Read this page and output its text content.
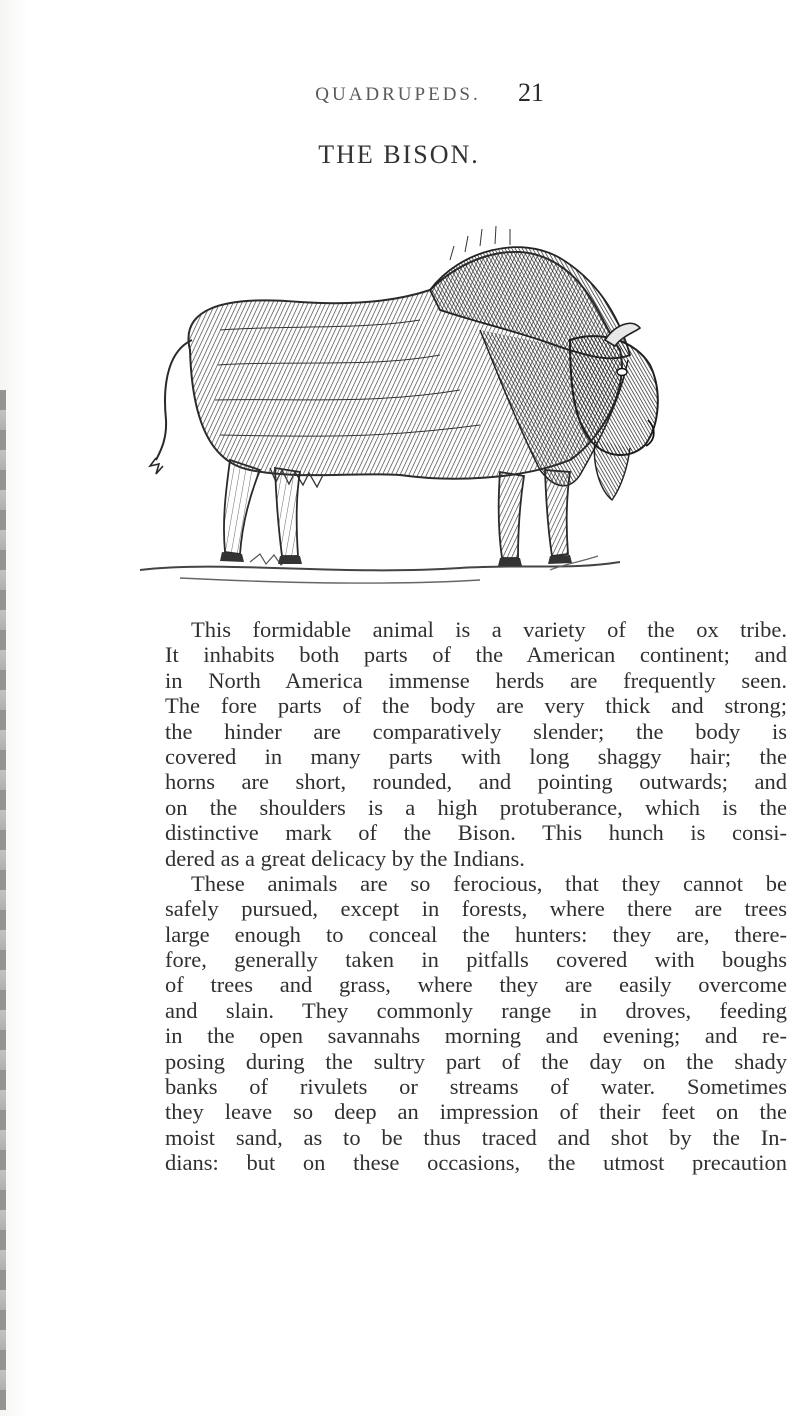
QUADRUPEDS.	21
THE BISON.
This formidable animal is a variety of the ox tribe.
It inhabits both parts of the American continent; and
in North America immense herds are frequently seen.
The fore parts of the body are very thick and strong;
the hinder are comparatively slender; the body is
covered in many parts with long shaggy hair; the
horns are short, rounded, and pointing outwards; and
on the shoulders is a high protuberance, which is the
distinctive mark of the Bison. This hunch is consi-
dered as a great delicacy by the Indians.
These animals are so ferocious, that they cannot be
safely pursued, except in forests, where there are trees
large enough to conceal the hunters: they are, there-
fore, generally taken in pitfalls covered with boughs
of trees and grass, where they are easily overcome
and slain. They commonly range in droves, feeding
in the open savannahs morning and evening; and re-
posing during the sultry part of the day on the shady
banks of rivulets or streams of water. Sometimes
they leave so deep an impression of their feet on the
moist sand, as to be thus traced and shot by the In-
dians: but on these occasions, the utmost precaution
